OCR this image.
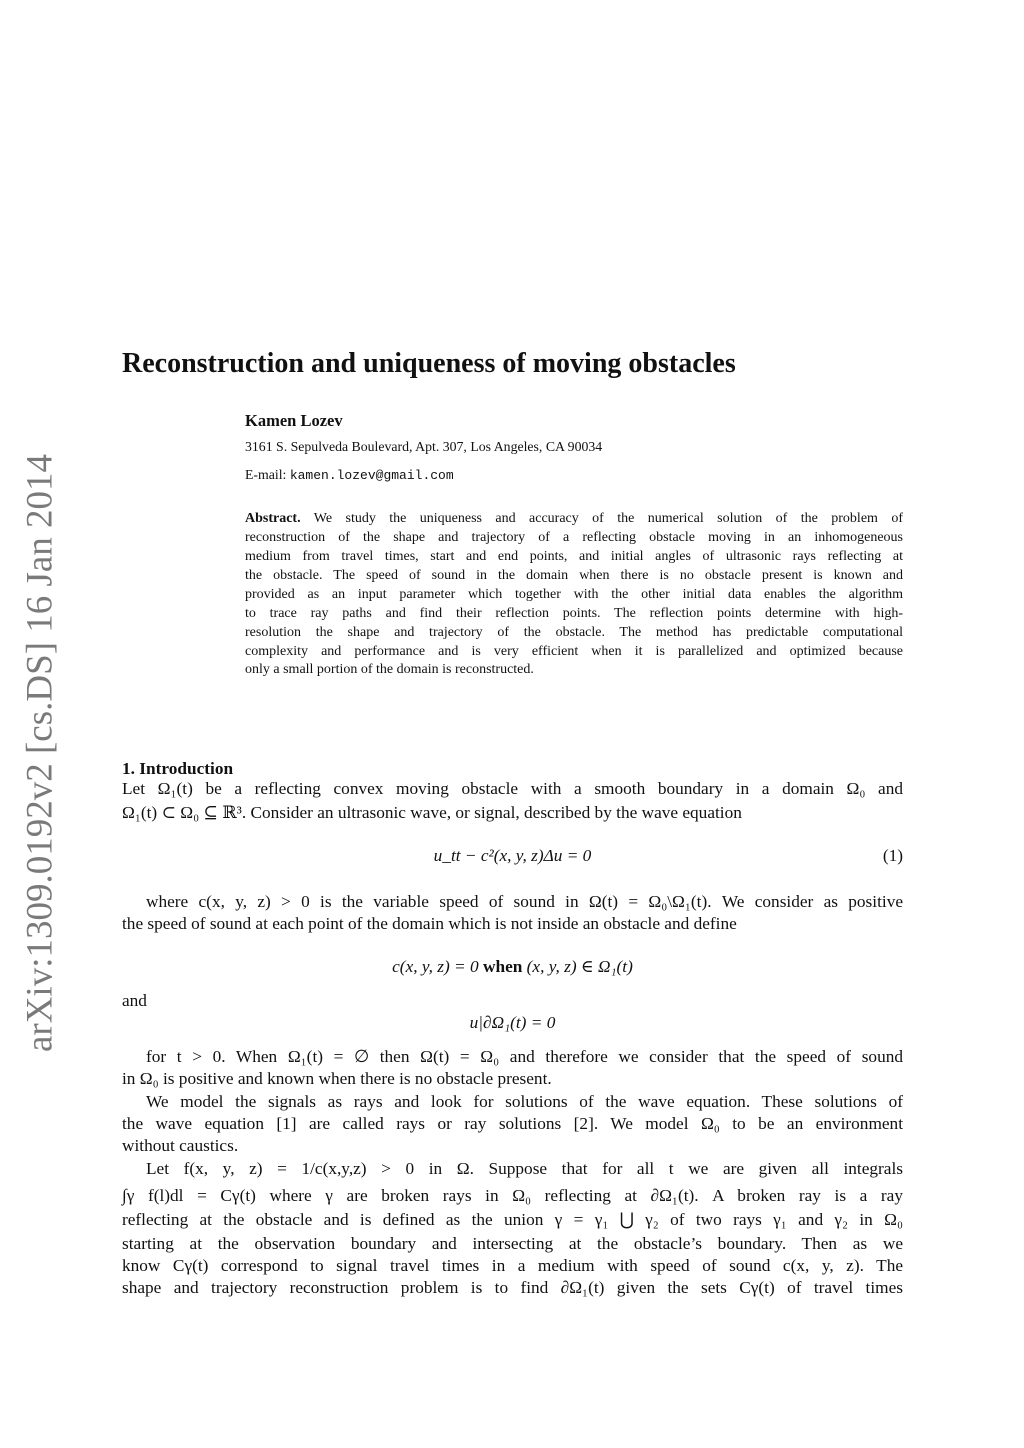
arXiv:1309.0192v2 [cs.DS] 16 Jan 2014
Reconstruction and uniqueness of moving obstacles
Kamen Lozev
3161 S. Sepulveda Boulevard, Apt. 307, Los Angeles, CA 90034
E-mail: kamen.lozev@gmail.com
Abstract. We study the uniqueness and accuracy of the numerical solution of the problem of
reconstruction of the shape and trajectory of a reflecting obstacle moving in an inhomogeneous
medium from travel times, start and end points, and initial angles of ultrasonic rays reflecting at
the obstacle. The speed of sound in the domain when there is no obstacle present is known and
provided as an input parameter which together with the other initial data enables the algorithm
to trace ray paths and find their reflection points. The reflection points determine with high-
resolution the shape and trajectory of the obstacle. The method has predictable computational
complexity and performance and is very efficient when it is parallelized and optimized because
only a small portion of the domain is reconstructed.
1. Introduction
Let Ω₁(t) be a reflecting convex moving obstacle with a smooth boundary in a domain Ω₀ and
Ω₁(t) ⊂ Ω₀ ⊆ ℝ³. Consider an ultrasonic wave, or signal, described by the wave equation
where c(x, y, z) > 0 is the variable speed of sound in Ω(t) = Ω₀\Ω₁(t). We consider as positive
the speed of sound at each point of the domain which is not inside an obstacle and define
for t > 0. When Ω₁(t) = ∅ then Ω(t) = Ω₀ and therefore we consider that the speed of sound
in Ω₀ is positive and known when there is no obstacle present.
We model the signals as rays and look for solutions of the wave equation. These solutions of
the wave equation [1] are called rays or ray solutions [2]. We model Ω₀ to be an environment
without caustics.
Let f(x, y, z) = 1/c(x,y,z) > 0 in Ω. Suppose that for all t we are given all integrals
∫γ f(l)dl = Cγ(t) where γ are broken rays in Ω₀ reflecting at ∂Ω₁(t). A broken ray is a ray
reflecting at the obstacle and is defined as the union γ = γ₁ ⋃ γ₂ of two rays γ₁ and γ₂ in Ω₀
starting at the observation boundary and intersecting at the obstacle’s boundary. Then as we
know Cγ(t) correspond to signal travel times in a medium with speed of sound c(x, y, z). The
shape and trajectory reconstruction problem is to find ∂Ω₁(t) given the sets Cγ(t) of travel times
u_tt − c²(x, y, z)Δu = 0	(1)
c(x, y, z) = 0 when (x, y, z) ∈ Ω₁(t)
and
u|∂Ω₁(t) = 0
